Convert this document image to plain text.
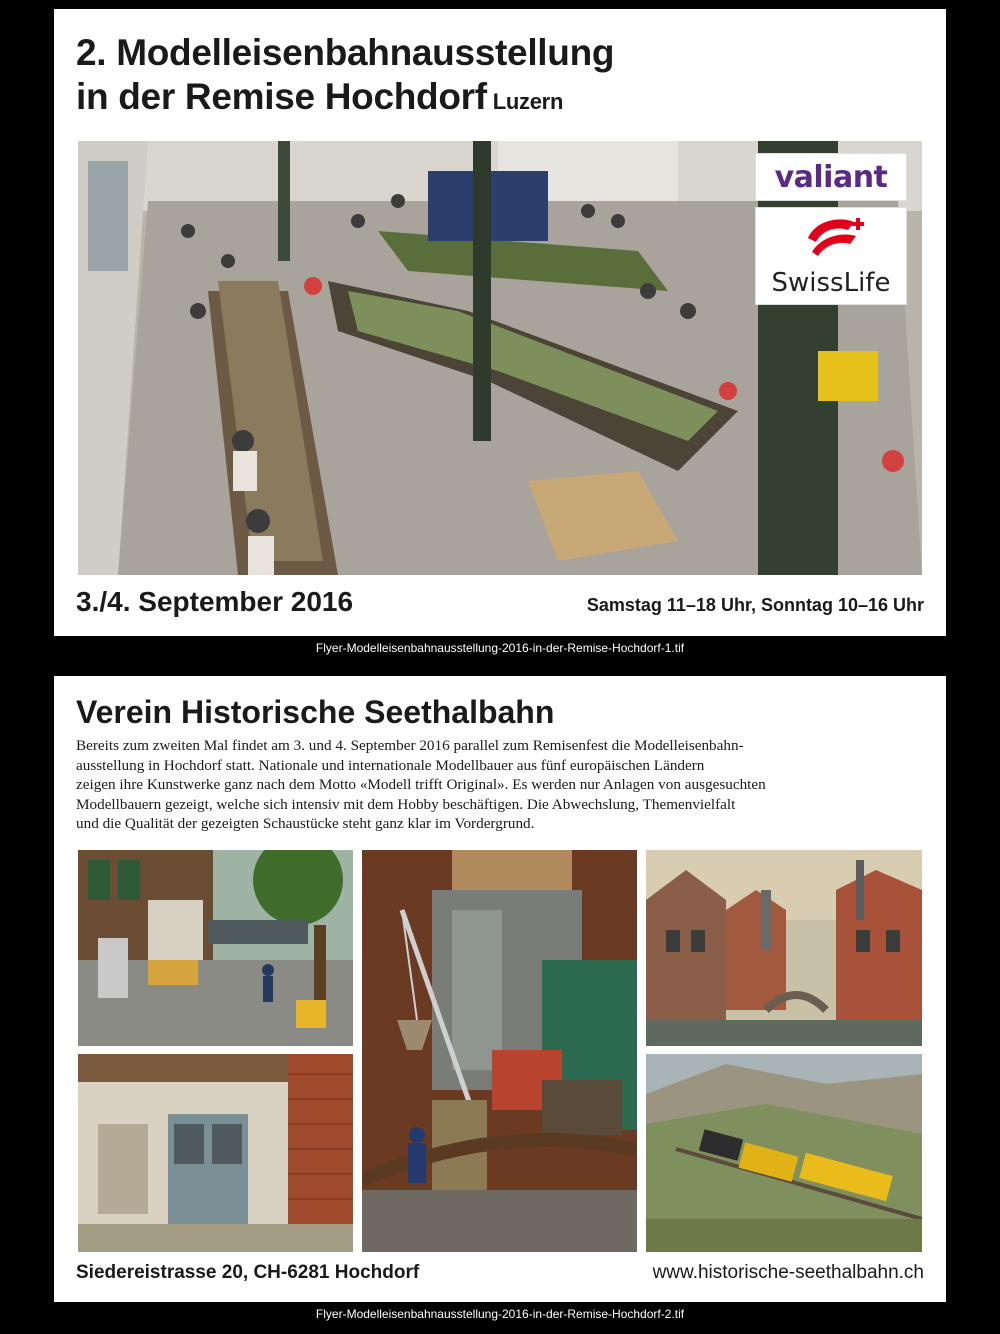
2. Modelleisenbahnausstellung
in der Remise Hochdorf Luzern
valiant
SwissLife
3./4. September 2016	Samstag 11–18 Uhr, Sonntag 10–16 Uhr
Flyer-Modelleisenbahnausstellung-2016-in-der-Remise-Hochdorf-1.tif
Verein Historische Seethalbahn
Bereits zum zweiten Mal findet am 3. und 4. September 2016 parallel zum Remisenfest die Modelleisenbahn-
ausstellung in Hochdorf statt. Nationale und internationale Modellbauer aus fünf europäischen Ländern
zeigen ihre Kunstwerke ganz nach dem Motto «Modell trifft Original». Es werden nur Anlagen von ausgesuchten
Modellbauern gezeigt, welche sich intensiv mit dem Hobby beschäftigen. Die Abwechslung, Themenvielfalt
und die Qualität der gezeigten Schaustücke steht ganz klar im Vordergrund.
Siedereistrasse 20, CH-6281 Hochdorf	www.historische-seethalbahn.ch
Flyer-Modelleisenbahnausstellung-2016-in-der-Remise-Hochdorf-2.tif
